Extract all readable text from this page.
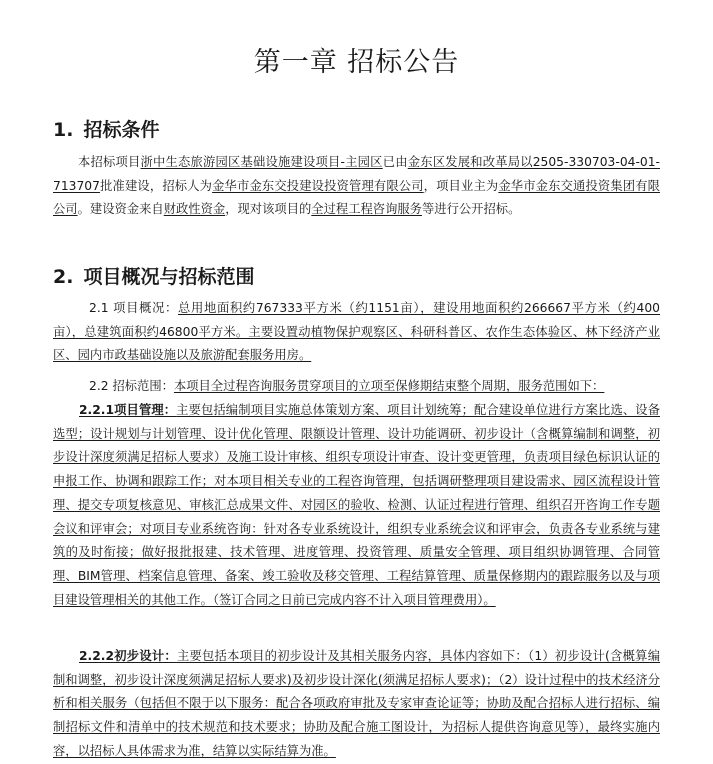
第一章 招标公告
1. 招标条件

本招标项目浙中生态旅游园区基础设施建设项目-主园区已由金东区发展和改革局以2505-330703-04-01-713707批准建设，招标人为金华市金东交投建设投资管理有限公司，项目业主为金华市金东交通投资集团有限公司。建设资金来自财政性资金，现对该项目的全过程工程咨询服务等进行公开招标。

2. 项目概况与招标范围

2.1 项目概况：总用地面积约767333平方米（约1151亩），建设用地面积约266667平方米（约400亩），总建筑面积约46800平方米。主要设置动植物保护观察区、科研科普区、农作生态体验区、林下经济产业区、园内市政基础设施以及旅游配套服务用房。

2.2 招标范围：本项目全过程咨询服务贯穿项目的立项至保修期结束整个周期，服务范围如下：

2.2.1项目管理：主要包括编制项目实施总体策划方案、项目计划统筹；配合建设单位进行方案比选、设备选型；设计规划与计划管理、设计优化管理、限额设计管理、设计功能调研、初步设计（含概算编制和调整，初步设计深度须满足招标人要求）及施工设计审核、组织专项设计审查、设计变更管理，负责项目绿色标识认证的申报工作、协调和跟踪工作；对本项目相关专业的工程咨询管理，包括调研整理项目建设需求、园区流程设计管理、提交专项复核意见、审核汇总成果文件、对园区的验收、检测、认证过程进行管理、组织召开咨询工作专题会议和评审会；对项目专业系统咨询：针对各专业系统设计，组织专业系统会议和评审会，负责各专业系统与建筑的及时衔接；做好报批报建、技术管理、进度管理、投资管理、质量安全管理、项目组织协调管理、合同管理、BIM管理、档案信息管理、备案、竣工验收及移交管理、工程结算管理、质量保修期内的跟踪服务以及与项目建设管理相关的其他工作。（签订合同之日前已完成内容不计入项目管理费用）。

2.2.2初步设计：主要包括本项目的初步设计及其相关服务内容，具体内容如下：（1）初步设计(含概算编制和调整，初步设计深度须满足招标人要求)及初步设计深化(须满足招标人要求)；（2）设计过程中的技术经济分析和相关服务（包括但不限于以下服务：配合各项政府审批及专家审查论证等；协助及配合招标人进行招标、编制招标文件和清单中的技术规范和技术要求；协助及配合施工图设计，为招标人提供咨询意见等），最终实施内容，以招标人具体需求为准，结算以实际结算为准。
